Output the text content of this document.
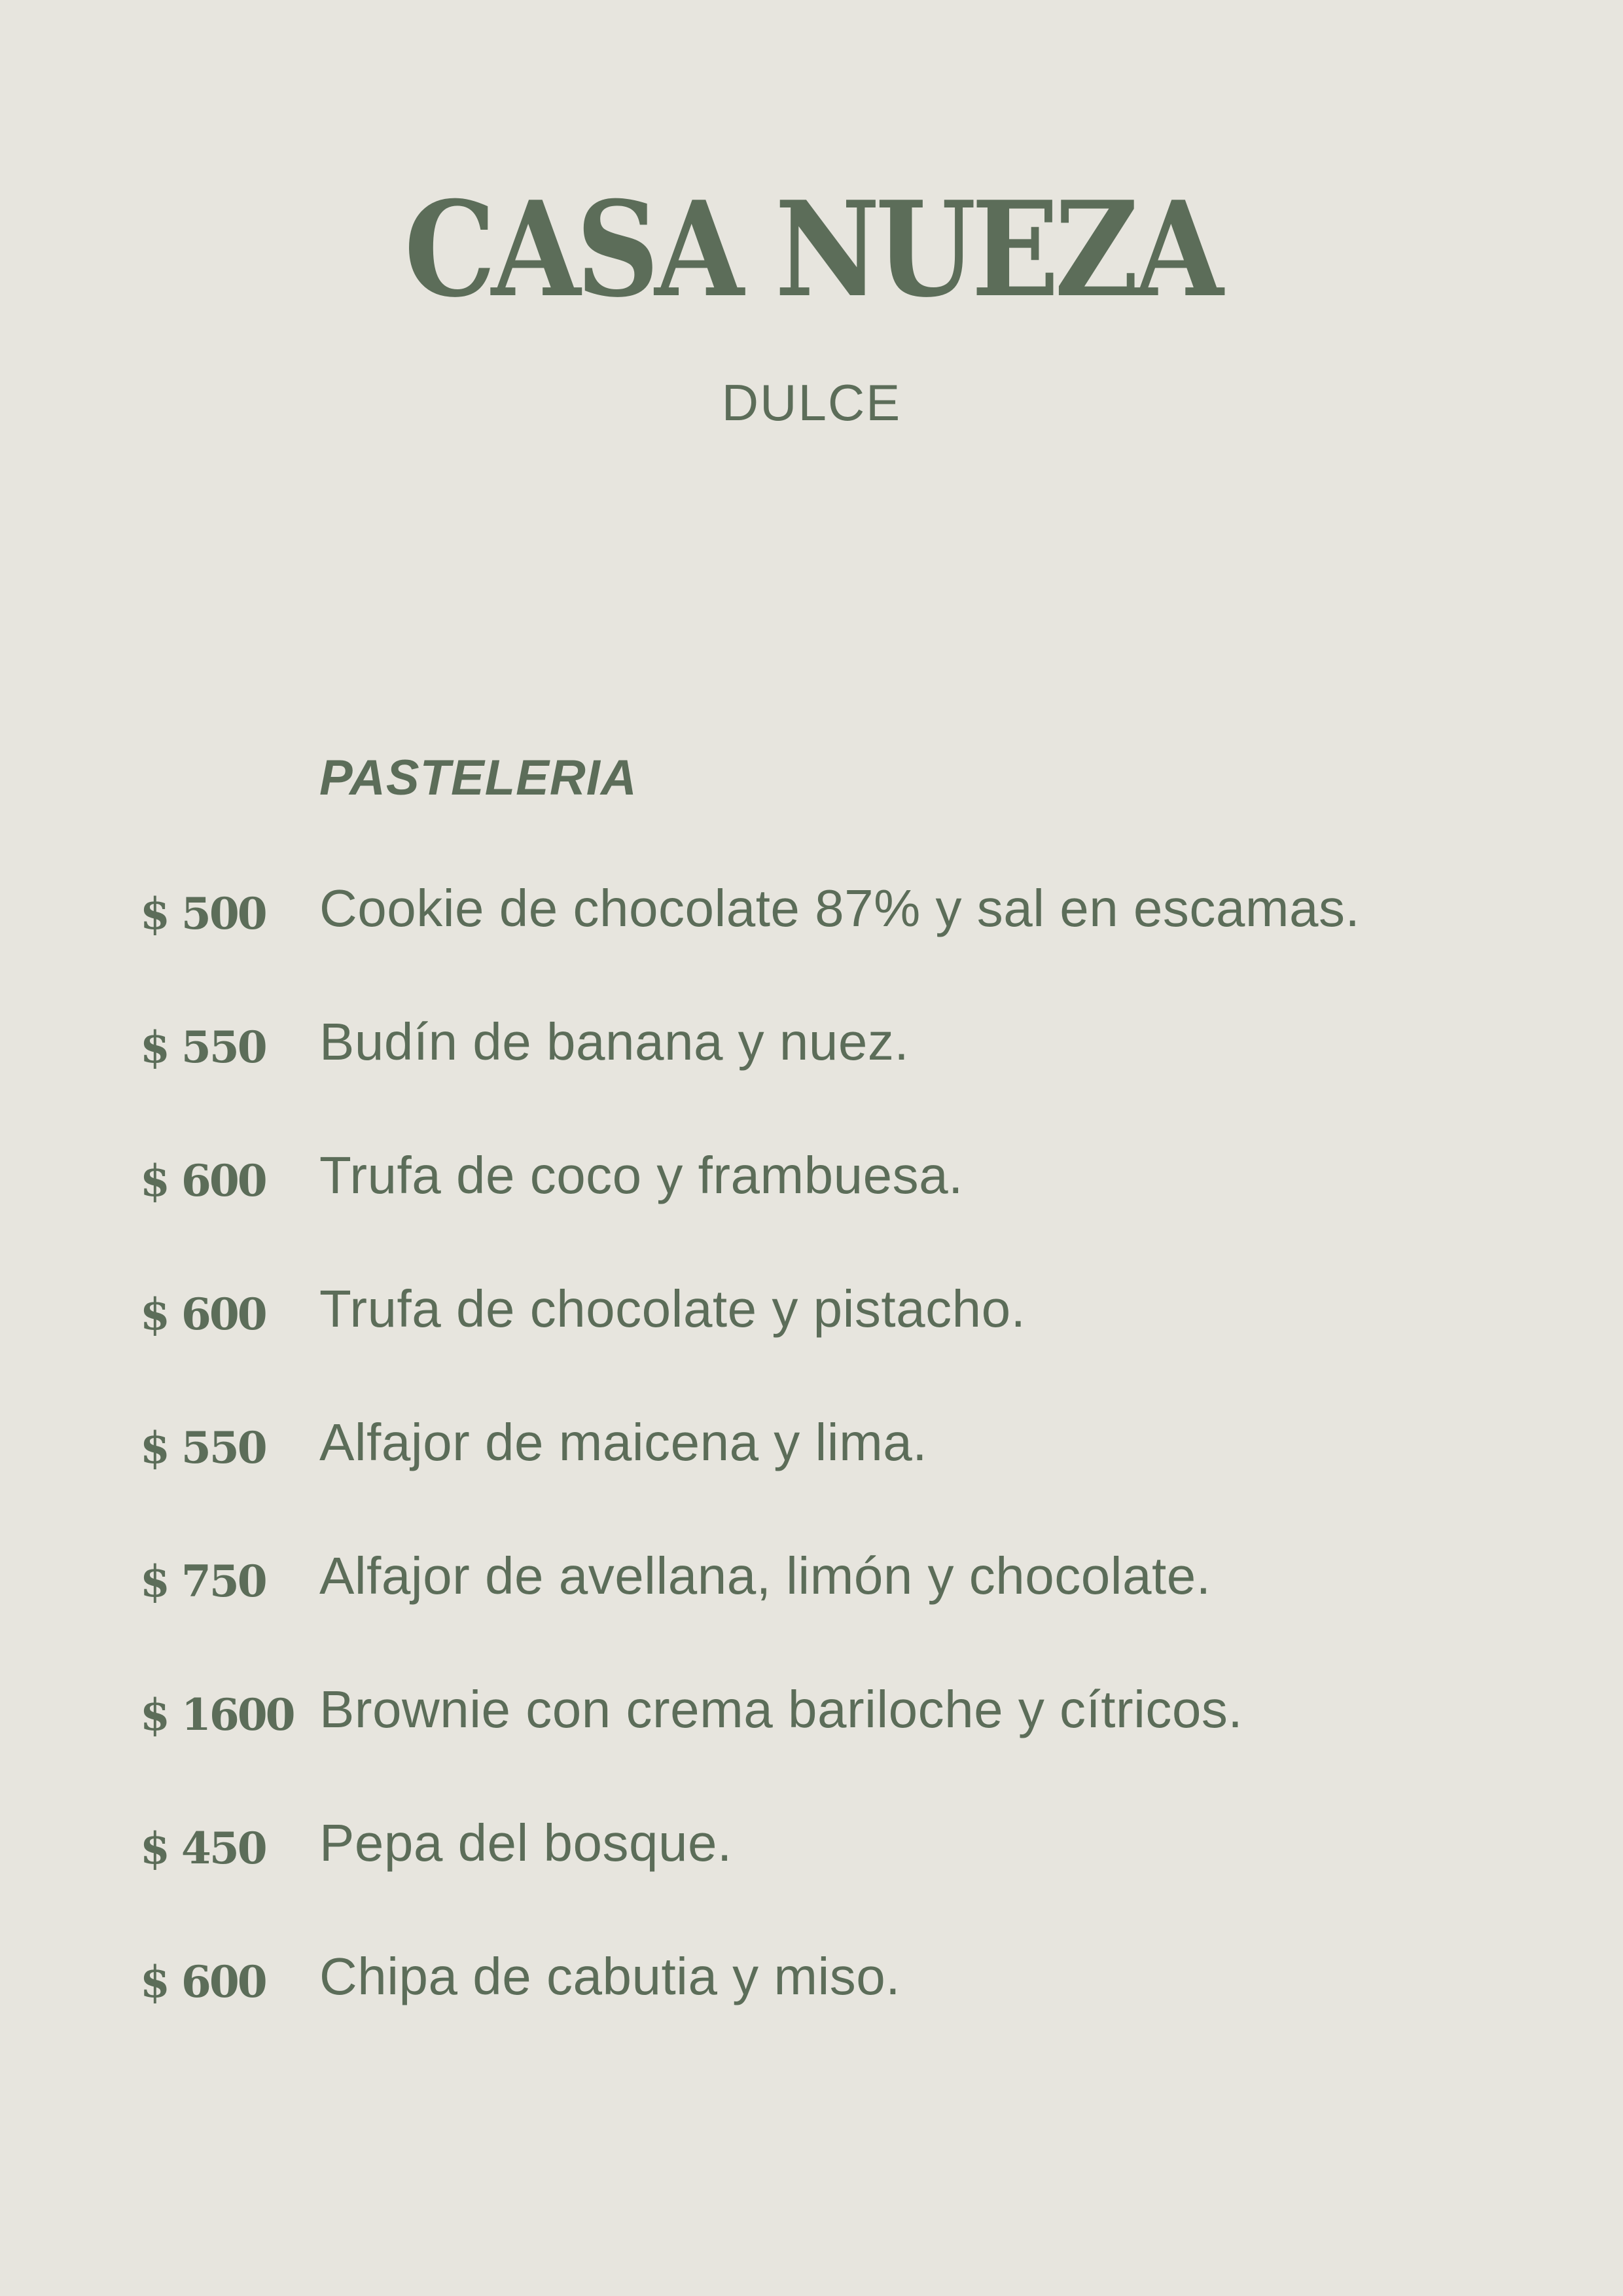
CASA NUEZA
DULCE
PASTELERIA
$ 500 Cookie de chocolate 87% y sal en escamas.
$ 550 Budín de banana y nuez.
$ 600 Trufa de coco y frambuesa.
$ 600 Trufa de chocolate y pistacho.
$ 550 Alfajor de maicena y lima.
$ 750 Alfajor de avellana, limón y chocolate.
$ 1600 Brownie con crema bariloche y cítricos.
$ 450 Pepa del bosque.
$ 600 Chipa de cabutia y miso.
